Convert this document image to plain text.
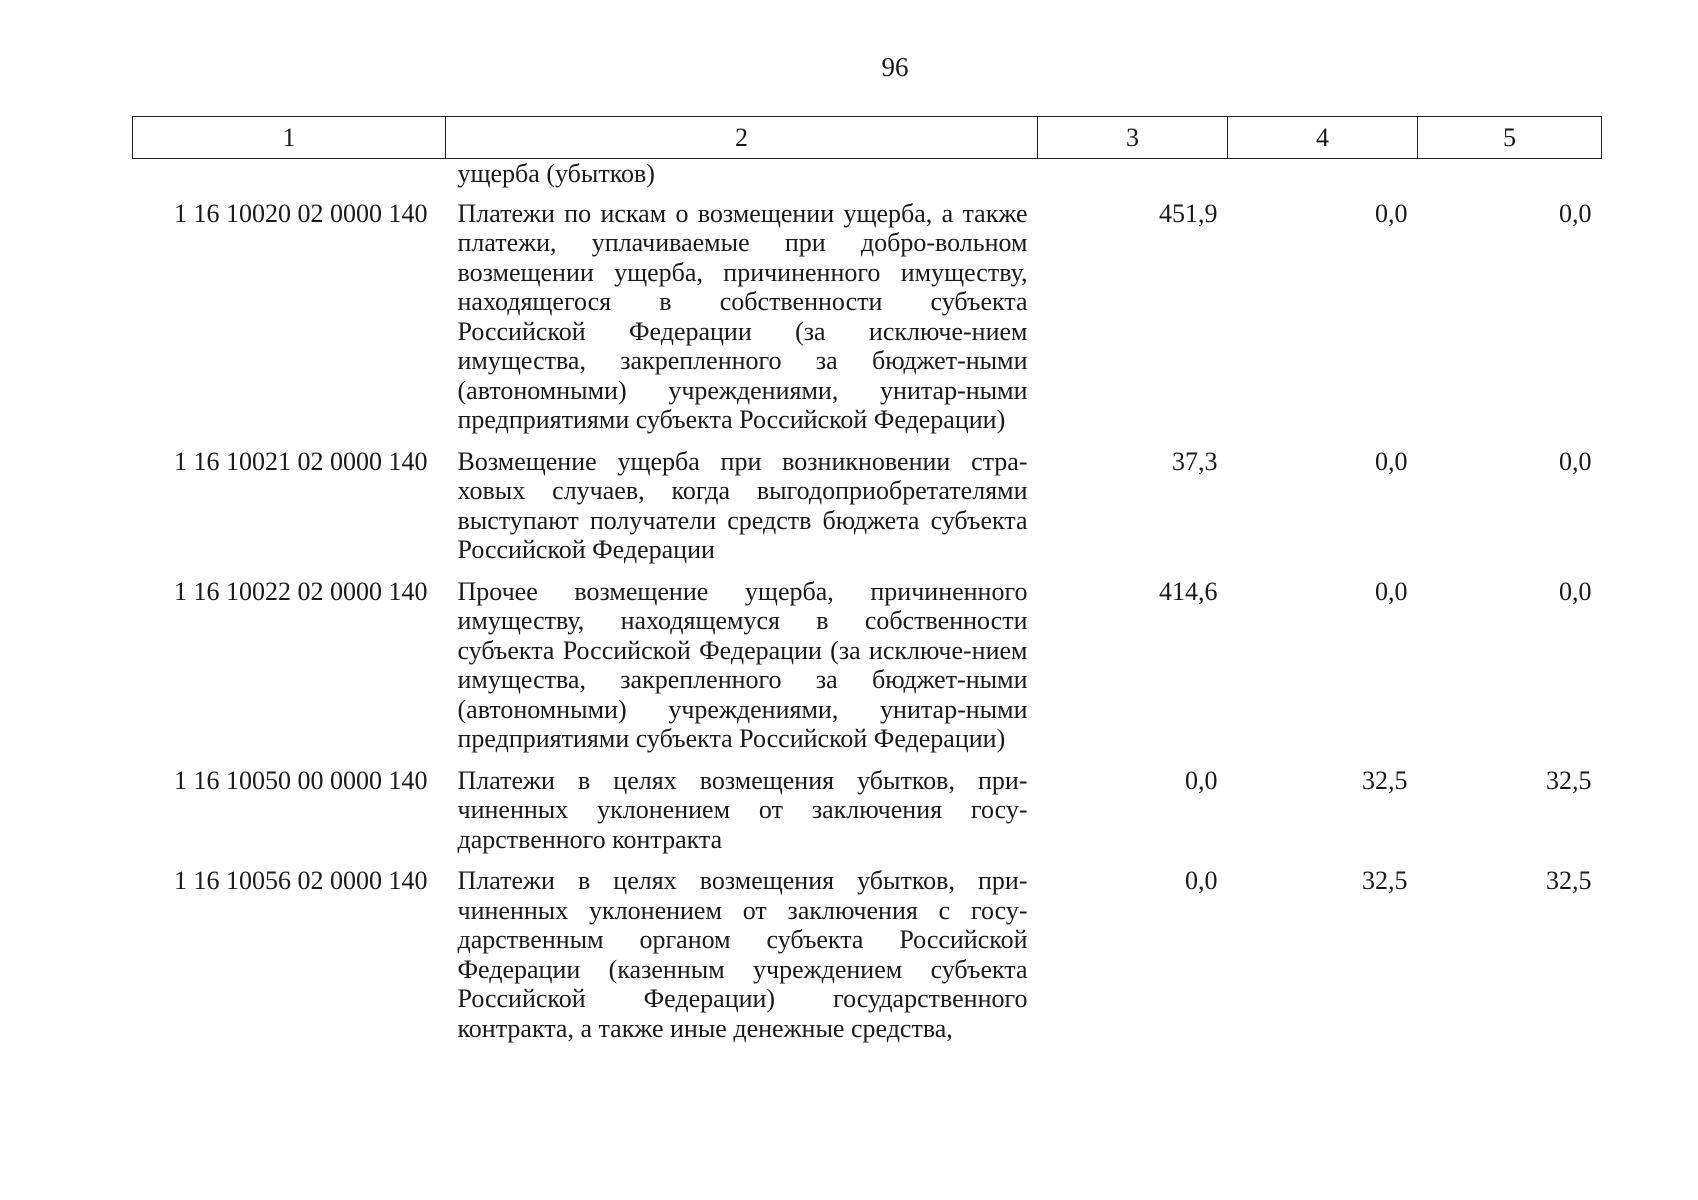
96
1	2	3	4	5
	ущерба (убытков)			
1 16 10020 02 0000 140	Платежи по искам о возмещении ущерба, а также платежи, уплачиваемые при добро-вольном возмещении ущерба, причиненного имуществу, находящегося в собственности субъекта Российской Федерации (за исключе-нием имущества, закрепленного за бюджет-ными (автономными) учреждениями, унитар-ными предприятиями субъекта Российской Федерации)	451,9	0,0	0,0
1 16 10021 02 0000 140	Возмещение ущерба при возникновении стра-ховых случаев, когда выгодоприобретателями выступают получатели средств бюджета субъекта Российской Федерации	37,3	0,0	0,0
1 16 10022 02 0000 140	Прочее возмещение ущерба, причиненного имуществу, находящемуся в собственности субъекта Российской Федерации (за исключе-нием имущества, закрепленного за бюджет-ными (автономными) учреждениями, унитар-ными предприятиями субъекта Российской Федерации)	414,6	0,0	0,0
1 16 10050 00 0000 140	Платежи в целях возмещения убытков, при-чиненных уклонением от заключения госу-дарственного контракта	0,0	32,5	32,5
1 16 10056 02 0000 140	Платежи в целях возмещения убытков, при-чиненных уклонением от заключения с госу-дарственным органом субъекта Российской Федерации (казенным учреждением субъекта Российской Федерации) государственного контракта, а также иные денежные средства,	0,0	32,5	32,5
